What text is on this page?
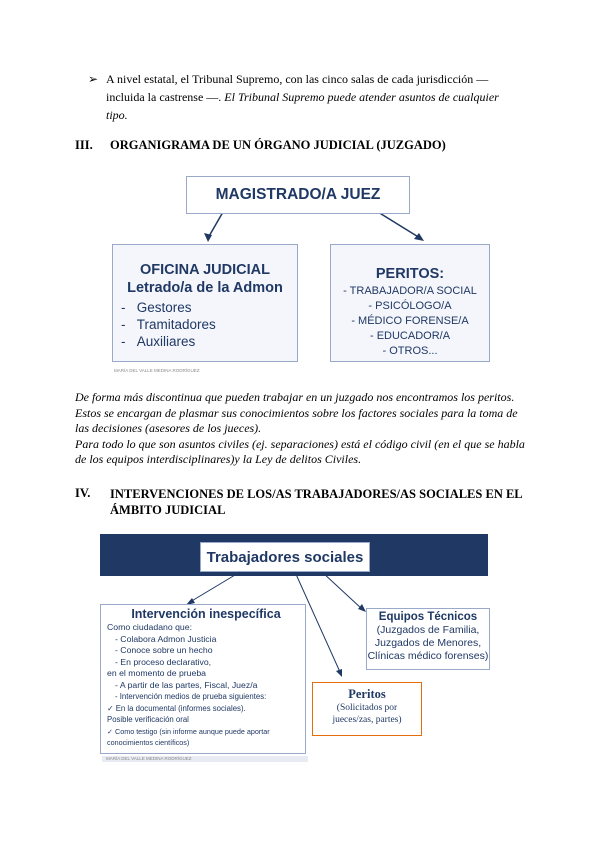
➢ A nivel estatal, el Tribunal Supremo, con las cinco salas de cada jurisdicción —
incluida la castrense —. El Tribunal Supremo puede atender asuntos de cualquier
tipo.
III. ORGANIGRAMA DE UN ÓRGANO JUDICIAL (JUZGADO)
MAGISTRADO/A JUEZ
OFICINA JUDICIAL
Letrado/a de la Admon
-   Gestores
-   Tramitadores
-   Auxiliares
MARÍA DEL VALLE MEDINA RODRÍGUEZ
PERITOS:
- TRABAJADOR/A SOCIAL
- PSICÓLOGO/A
- MÉDICO FORENSE/A
- EDUCADOR/A
- OTROS...
De forma más discontinua que pueden trabajar en un juzgado nos encontramos los peritos.
Estos se encargan de plasmar sus conocimientos sobre los factores sociales para la toma de
las decisiones (asesores de los jueces).
Para todo lo que son asuntos civiles (ej. separaciones) está el código civil (en el que se habla
de los equipos interdisciplinares)y la Ley de delitos Civiles.
IV. INTERVENCIONES DE LOS/AS TRABAJADORES/AS SOCIALES EN EL
ÁMBITO JUDICIAL
Trabajadores sociales
Intervención inespecífica
Como ciudadano que:
- Colabora Admon Justicia
- Conoce sobre un hecho
- En proceso declarativo,
en el momento de prueba
- A partir de las partes, Fiscal, Juez/a
- Intervención medios de prueba siguientes:
✓ En la documental (informes sociales).
Posible verificación oral
✓ Como testigo (sin informe aunque puede aportar
conocimientos científicos)
MARÍA DEL VALLE MEDINA RODRÍGUEZ
Equipos Técnicos
(Juzgados de Familia,
Juzgados de Menores,
Clínicas médico forenses)
Peritos
(Solicitados por
jueces/zas, partes)
